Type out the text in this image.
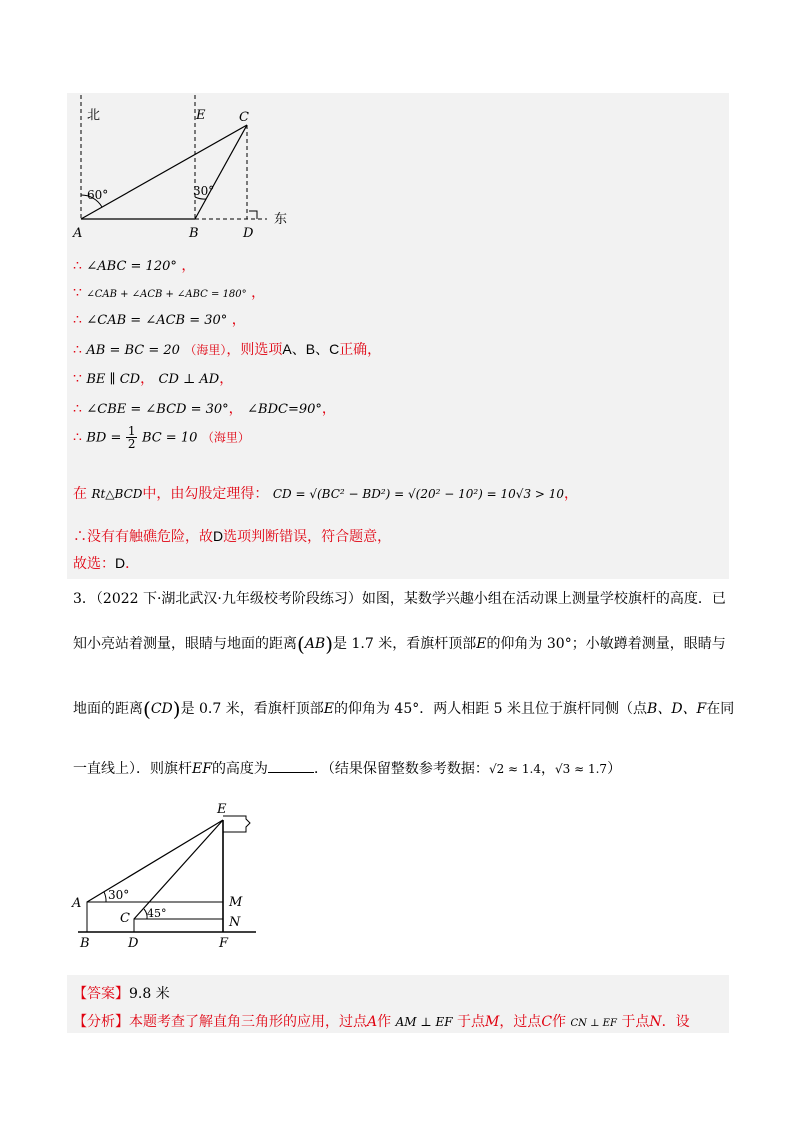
北	E	C
60°	30°
东
A	B	D
∴ ∠ABC = 120° ，
∵ ∠CAB + ∠ACB + ∠ABC = 180° ，
∴ ∠CAB = ∠ACB = 30° ，
∴ AB = BC = 20 （海里），则选项A、B、C正确，
∵ BE ∥ CD， CD ⊥ AD，
∴ ∠CBE = ∠BCD = 30°， ∠BDC=90°，
∴ BD = $\frac{1}{2}$ BC = 10 （海里）
在 Rt△BCD中，由勾股定理得： CD = √(BC² − BD²) = √(20² − 10²) = 10√3 > 10，
∴没有有触礁危险，故D选项判断错误，符合题意，
故选：D．
3．（2022 下·湖北武汉·九年级校考阶段练习）如图，某数学兴趣小组在活动课上测量学校旗杆的高度．已
知小亮站着测量，眼睛与地面的距离(AB)是 1.7 米，看旗杆顶部E的仰角为 30°；小敏蹲着测量，眼睛与
地面的距离(CD)是 0.7 米，看旗杆顶部E的仰角为 45°．两人相距 5 米且位于旗杆同侧（点B、D、F在同
一直线上）．则旗杆EF的高度为	．（结果保留整数参考数据：√2 ≈ 1.4，√3 ≈ 1.7）
E
30°
A	M
C 45°
N
B	D	F
【答案】9.8 米
【分析】本题考查了解直角三角形的应用，过点A作 AM ⊥ EF 于点M，过点C作 CN ⊥ EF 于点N．设
